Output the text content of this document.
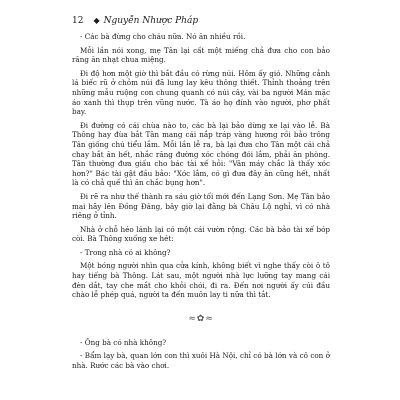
12 ◆ Nguyễn Nhược Pháp

- Các bà đừng cho cháu nữa. Nó ăn nhiều rồi.

Mỗi lần nói xong, mẹ Tân lại cất một miếng chả đưa cho con bảo răng ăn nhạt chua miệng.

Đi độ hơn một giờ thì bắt đầu có rừng núi. Hôm ấy gió. Những cảnh lá biếc rũ ở chỏm núi đã lung lay kêu thông thiết. Thỉnh thoảng trên những mẫu ruộng con chung quanh có núi cây, vài ba người Mán mặc áo xanh thì thụp trên vũng nước. Tà áo họ đính vào người, phơ phất bay.

Đi đường có cái chùa nào to, các bà lại bảo dừng xe lại vào lễ. Bà Thông hay đùa bắt Tân mang cái nắp tráp vàng hương rồi bảo trông Tân giống chú tiểu lắm. Mỗi lần lễ ra, bà lại đưa cho Tân một cái chả chay bắt ăn hết, nhắc răng đường xóc chóng đói lắm, phải ăn phòng. Tân thường đưa giấu cho bác tài xế hỏi: "Vân máy chắc là thấy xóc hơn?" Bác tài gật đầu bảo: "Xóc lắm, có gì đưa đây ăn cũng hết, nhất là có chả quế thì ăn chắc bụng hơn".

Đi rẽ ra như thế thành ra sáu giờ tối mới đến Lạng Sơn. Mẹ Tân bảo mai hãy lên Đồng Đăng, bây giờ lại đằng bà Châu Lộ nghỉ, vì có nhà riêng ở tỉnh.

Nhà ở chỗ héo lánh lại có một cái vườn rộng. Các bà bảo tài xế bóp còi. Bà Thông xuống xe hét:

- Trong nhà có ai không?

Một bóng người nhìn qua cửa kính, không biết vì nghe thấy còi ô tô hay tiếng bà Thông. Lát sau, một người nhà lực lưỡng tay mang cái đèn dắt, tay che mắt cho khỏi chói, đi ra. Đến nơi người ấy cúi đầu chào lễ phép quá, người ta đến muôn lay ti nữa thì tắt.

≈✿≈

- Ông bà có nhà không?

- Bẩm lạy bà, quan lớn con thì xuôi Hà Nội, chỉ có bà lớn và cô con ở nhà. Rước các bà vào chơi.
